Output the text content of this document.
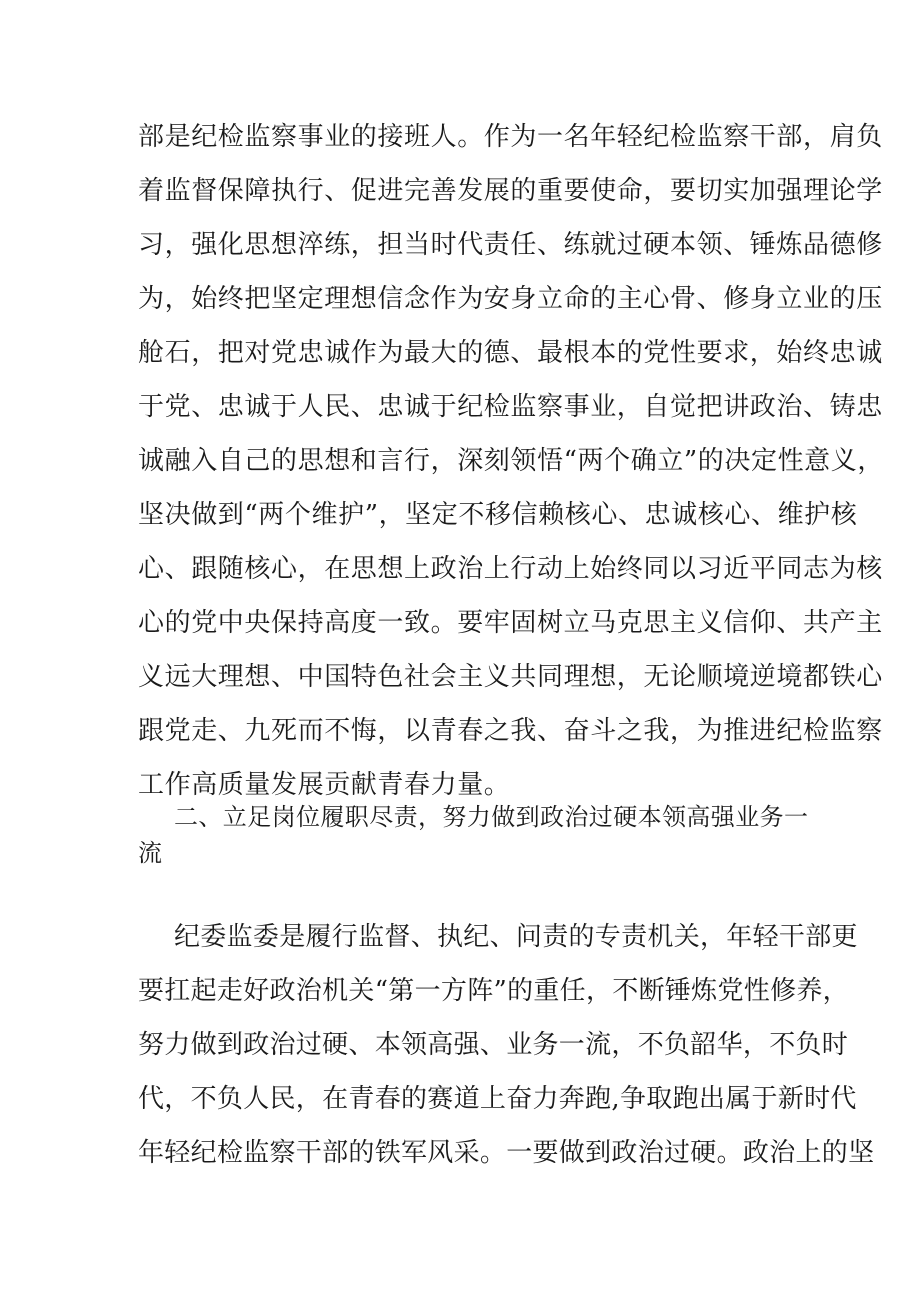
部是纪检监察事业的接班人。作为一名年轻纪检监察干部，肩负
着监督保障执行、促进完善发展的重要使命，要切实加强理论学
习，强化思想淬练，担当时代责任、练就过硬本领、锤炼品德修
为，始终把坚定理想信念作为安身立命的主心骨、修身立业的压
舱石，把对党忠诚作为最大的德、最根本的党性要求，始终忠诚
于党、忠诚于人民、忠诚于纪检监察事业，自觉把讲政治、铸忠
诚融入自己的思想和言行，深刻领悟“两个确立”的决定性意义，
坚决做到“两个维护”，坚定不移信赖核心、忠诚核心、维护核
心、跟随核心，在思想上政治上行动上始终同以习近平同志为核
心的党中央保持高度一致。要牢固树立马克思主义信仰、共产主
义远大理想、中国特色社会主义共同理想，无论顺境逆境都铁心
跟党走、九死而不悔，以青春之我、奋斗之我，为推进纪检监察
工作高质量发展贡献青春力量。
二、立足岗位履职尽责，努力做到政治过硬本领高强业务一
流
纪委监委是履行监督、执纪、问责的专责机关，年轻干部更
要扛起走好政治机关“第一方阵”的重任，不断锤炼党性修养，
努力做到政治过硬、本领高强、业务一流，不负韶华，不负时
代，不负人民，在青春的赛道上奋力奔跑,争取跑出属于新时代
年轻纪检监察干部的铁军风采。一要做到政治过硬。政治上的坚
